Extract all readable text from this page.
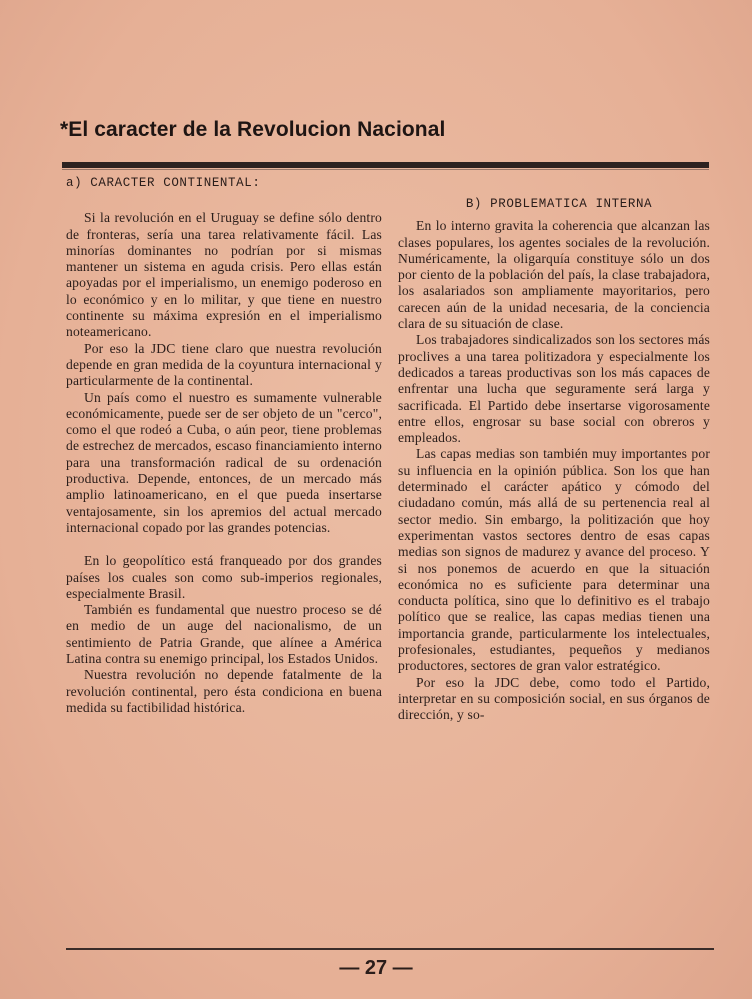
*El caracter de la Revolucion Nacional
a) CARACTER CONTINENTAL:

Si la revolución en el Uruguay se define sólo dentro de fronteras, sería una tarea relativamente fácil. Las minorías dominantes no podrían por si mismas mantener un sistema en aguda crisis. Pero ellas están apoyadas por el imperialismo, un enemigo poderoso en lo económico y en lo militar, y que tiene en nuestro continente su máxima expresión en el imperialismo noteamericano.

Por eso la JDC tiene claro que nuestra revolución depende en gran medida de la coyuntura internacional y particularmente de la continental.

Un país como el nuestro es sumamente vulnerable económicamente, puede ser de ser objeto de un "cerco", como el que rodeó a Cuba, o aún peor, tiene problemas de estrechez de mercados, escaso financiamiento interno para una transformación radical de su ordenación productiva. Depende, entonces, de un mercado más amplio latinoamericano, en el que pueda insertarse ventajosamente, sin los apremios del actual mercado internacional copado por las grandes potencias.

En lo geopolítico está franqueado por dos grandes países los cuales son como sub-imperios regionales, especialmente Brasil.

También es fundamental que nuestro proceso se dé en medio de un auge del nacionalismo, de un sentimiento de Patria Grande, que alínee a América Latina contra su enemigo principal, los Estados Unidos.

Nuestra revolución no depende fatalmente de la revolución continental, pero ésta condiciona en buena medida su factibilidad histórica.

B) PROBLEMATICA INTERNA

En lo interno gravita la coherencia que alcanzan las clases populares, los agentes sociales de la revolución. Numéricamente, la oligarquía constituye sólo un dos por ciento de la población del país, la clase trabajadora, los asalariados son ampliamente mayoritarios, pero carecen aún de la unidad necesaria, de la conciencia clara de su situación de clase.

Los trabajadores sindicalizados son los sectores más proclives a una tarea politizadora y especialmente los dedicados a tareas productivas son los más capaces de enfrentar una lucha que seguramente será larga y sacrificada. El Partido debe insertarse vigorosamente entre ellos, engrosar su base social con obreros y empleados.

Las capas medias son también muy importantes por su influencia en la opinión pública. Son los que han determinado el carácter apático y cómodo del ciudadano común, más allá de su pertenencia real al sector medio. Sin embargo, la politización que hoy experimentan vastos sectores dentro de esas capas medias son signos de madurez y avance del proceso. Y si nos ponemos de acuerdo en que la situación económica no es suficiente para determinar una conducta política, sino que lo definitivo es el trabajo político que se realice, las capas medias tienen una importancia grande, particularmente los intelectuales, profesionales, estudiantes, pequeños y medianos productores, sectores de gran valor estratégico.

Por eso la JDC debe, como todo el Partido, interpretar en su composición social, en sus órganos de dirección, y so-

— 27 —
